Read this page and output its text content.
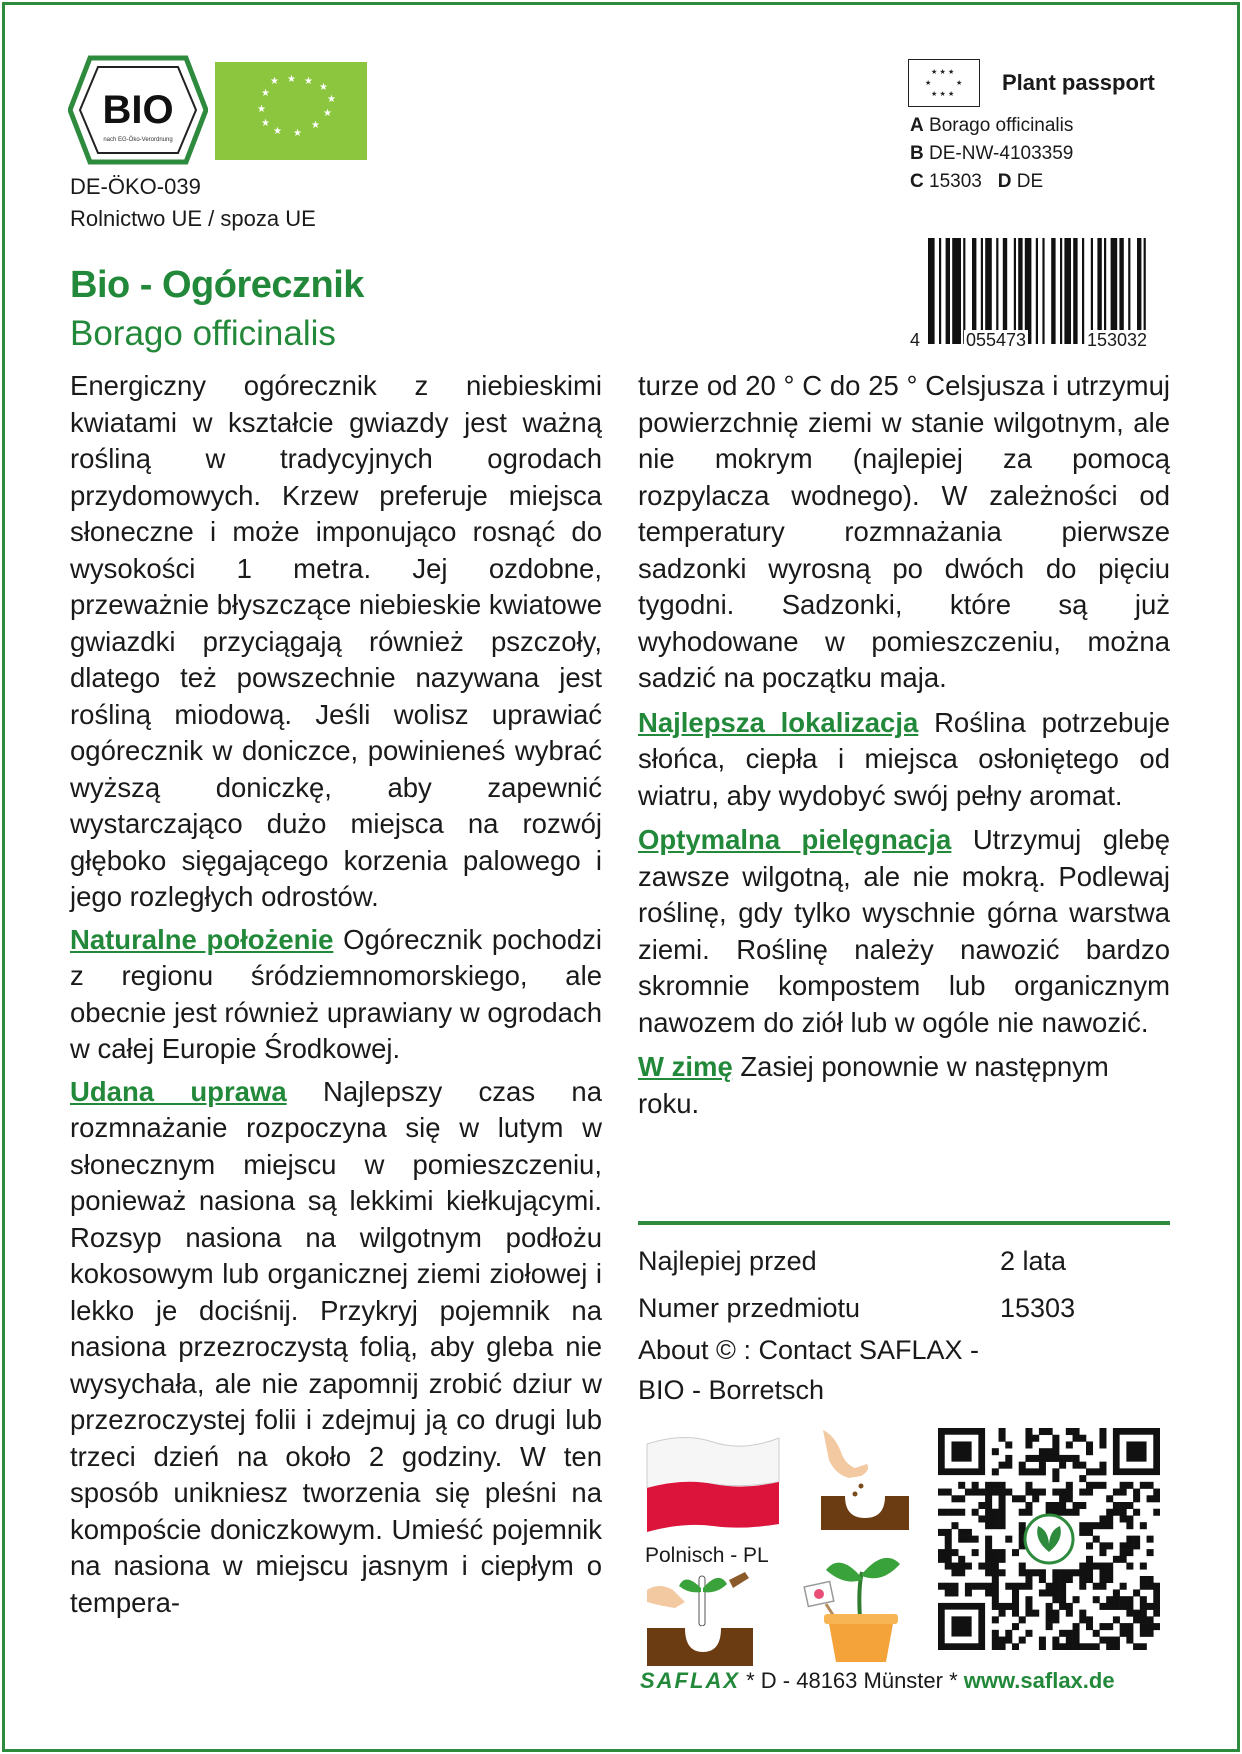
BIO
nach EG-Öko-Verordnung
★ ★ ★
★
★
★
★	★
★
★
★
★
DE-ÖKO-039
Rolnictwo UE / spoza UE
★ ★ ★
★	★
★ ★ ★ Plant passport
A Borago officinalis
B DE-NW-4103359
C 15303 D DE
4	055473	153032
Bio - Ogórecznik
Borago officinalis
Energiczny ogórecznik z niebieskimi kwiatami w kształcie gwiazdy jest ważną rośliną w tradycyjnych ogrodach przydomowych. Krzew preferuje miejsca słoneczne i może imponująco rosnąć do wysokości 1 metra. Jej ozdobne, przeważnie błyszczące niebieskie kwiatowe gwiazdki przyciągają również pszczoły, dlatego też powszechnie nazywana jest rośliną miodową. Jeśli wolisz uprawiać ogórecznik w doniczce, powinieneś wybrać wyższą doniczkę, aby zapewnić wystarczająco dużo miejsca na rozwój głęboko sięgającego korzenia palowego i jego rozległych odrostów.
Naturalne położenie Ogórecznik pochodzi z regionu śródziemnomorskiego, ale obecnie jest również uprawiany w ogrodach w całej Europie Środkowej.
Udana uprawa Najlepszy czas na rozmnażanie rozpoczyna się w lutym w słonecznym miejscu w pomieszczeniu, ponieważ nasiona są lekkimi kiełkującymi. Rozsyp nasiona na wilgotnym podłożu kokosowym lub organicznej ziemi ziołowej i lekko je dociśnij. Przykryj pojemnik na nasiona przezroczystą folią, aby gleba nie wysychała, ale nie zapomnij zrobić dziur w przezroczystej folii i zdejmuj ją co drugi lub trzeci dzień na około 2 godziny. W ten sposób unikniesz tworzenia się pleśni na kompoście doniczkowym. Umieść pojemnik na nasiona w miejscu jasnym i ciepłym o tempera-
turze od 20 ° C do 25 ° Celsjusza i utrzymuj powierzchnię ziemi w stanie wilgotnym, ale nie mokrym (najlepiej za pomocą rozpylacza wodnego). W zależności od temperatury rozmnażania pierwsze sadzonki wyrosną po dwóch do pięciu tygodni. Sadzonki, które są już wyhodowane w pomieszczeniu, można sadzić na początku maja.
Najlepsza lokalizacja Roślina potrzebuje słońca, ciepła i miejsca osłoniętego od wiatru, aby wydobyć swój pełny aromat.
Optymalna pielęgnacja Utrzymuj glebę zawsze wilgotną, ale nie mokrą. Podlewaj roślinę, gdy tylko wyschnie górna warstwa ziemi. Roślinę należy nawozić bardzo skromnie kompostem lub organicznym nawozem do ziół lub w ogóle nie nawozić.
W zimę Zasiej ponownie w następnym roku.
Najlepiej przed	2 lata
Numer przedmiotu	15303
About © : Contact SAFLAX -
BIO - Borretsch
Polnisch - PL
SAFLAX * D - 48163 Münster * www.saflax.de
